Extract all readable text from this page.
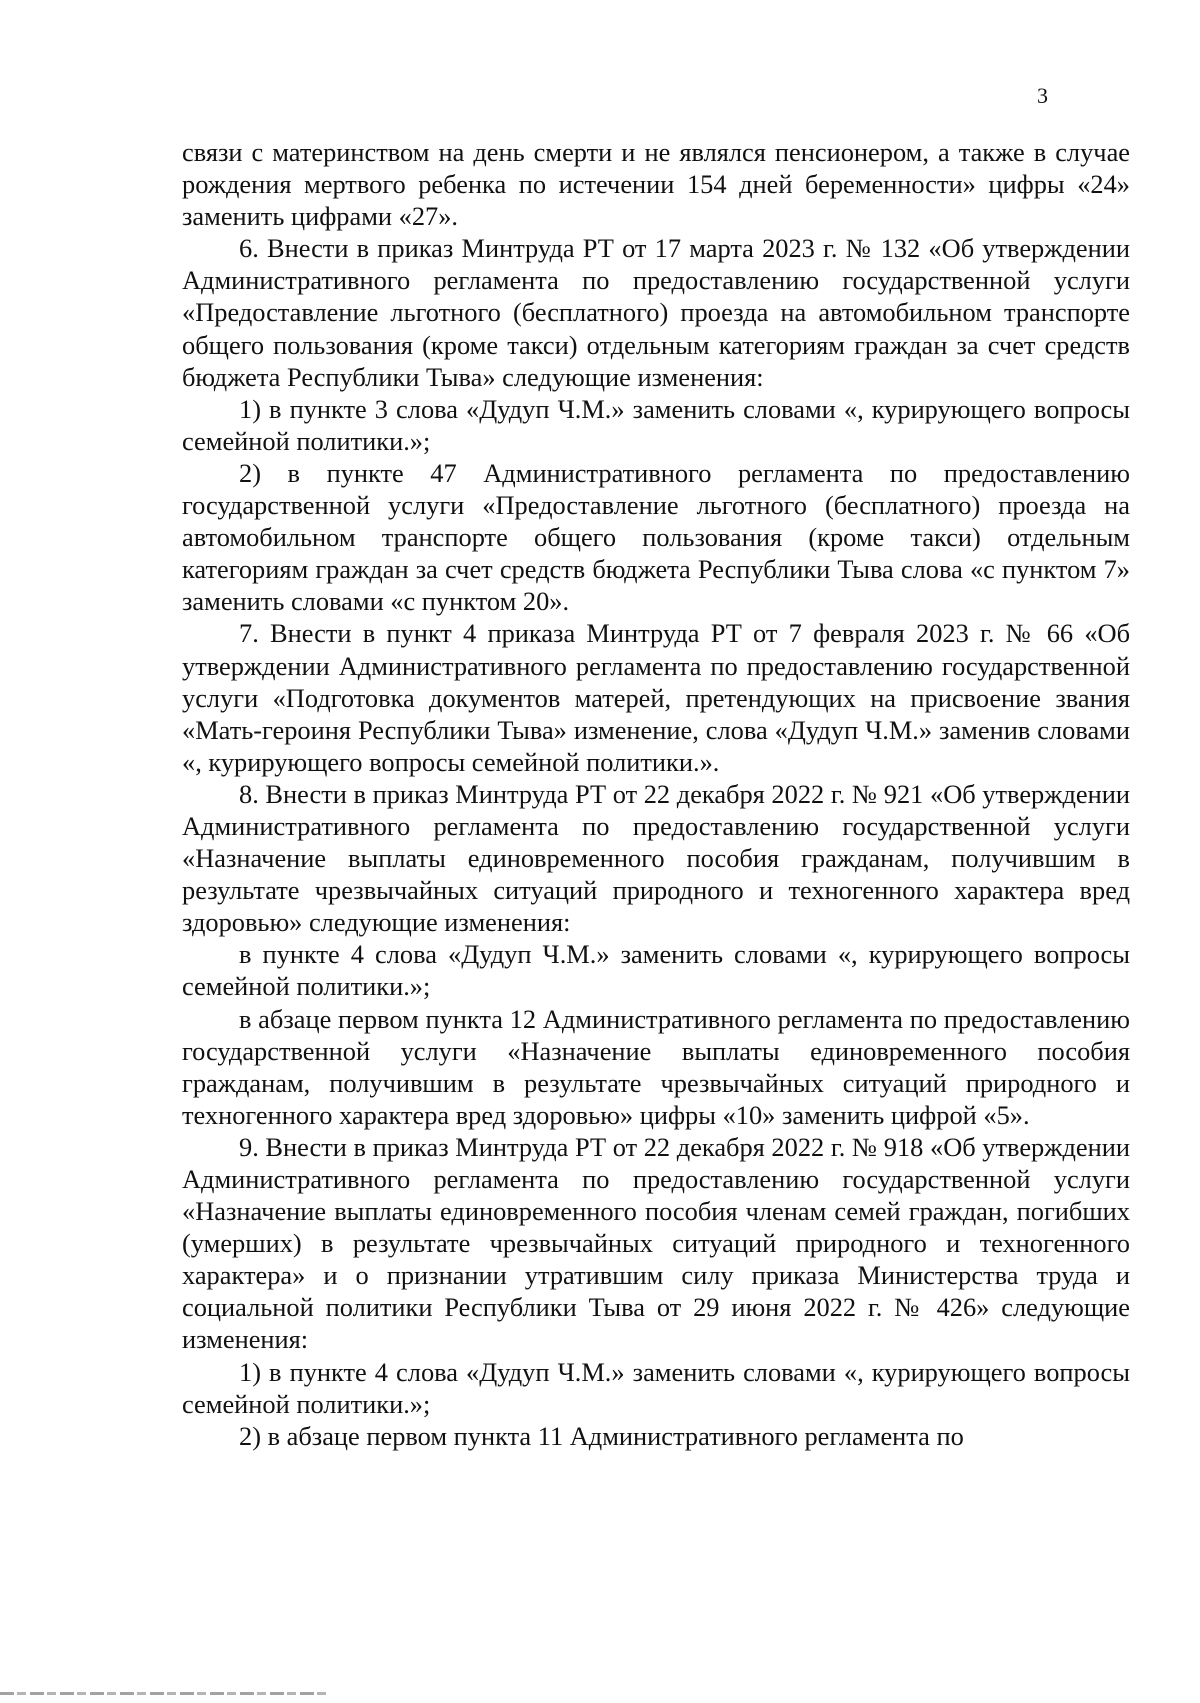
3

связи с материнством на день смерти и не являлся пенсионером, а также в случае рождения мертвого ребенка по истечении 154 дней беременности» цифры «24» заменить цифрами «27».

6. Внести в приказ Минтруда РТ от 17 марта 2023 г. № 132 «Об утверждении Административного регламента по предоставлению государственной услуги «Предоставление льготного (бесплатного) проезда на автомобильном транспорте общего пользования (кроме такси) отдельным категориям граждан за счет средств бюджета Республики Тыва» следующие изменения:

1) в пункте 3 слова «Дудуп Ч.М.» заменить словами «, курирующего вопросы семейной политики.»;

2) в пункте 47 Административного регламента по предоставлению государственной услуги «Предоставление льготного (бесплатного) проезда на автомобильном транспорте общего пользования (кроме такси) отдельным категориям граждан за счет средств бюджета Республики Тыва слова «с пунктом 7» заменить словами «с пунктом 20».

7. Внести в пункт 4 приказа Минтруда РТ от 7 февраля 2023 г. № 66 «Об утверждении Административного регламента по предоставлению государственной услуги «Подготовка документов матерей, претендующих на присвоение звания «Мать-героиня Республики Тыва» изменение, слова «Дудуп Ч.М.» заменив словами «, курирующего вопросы семейной политики.».

8. Внести в приказ Минтруда РТ от 22 декабря 2022 г. № 921 «Об утверждении Административного регламента по предоставлению государственной услуги «Назначение выплаты единовременного пособия гражданам, получившим в результате чрезвычайных ситуаций природного и техногенного характера вред здоровью» следующие изменения:

в пункте 4 слова «Дудуп Ч.М.» заменить словами «, курирующего вопросы семейной политики.»;

в абзаце первом пункта 12 Административного регламента по предоставлению государственной услуги «Назначение выплаты единовременного пособия гражданам, получившим в результате чрезвычайных ситуаций природного и техногенного характера вред здоровью» цифры «10» заменить цифрой «5».

9. Внести в приказ Минтруда РТ от 22 декабря 2022 г. № 918 «Об утверждении Административного регламента по предоставлению государственной услуги «Назначение выплаты единовременного пособия членам семей граждан, погибших (умерших) в результате чрезвычайных ситуаций природного и техногенного характера» и о признании утратившим силу приказа Министерства труда и социальной политики Республики Тыва от 29 июня 2022 г. № 426» следующие изменения:

1) в пункте 4 слова «Дудуп Ч.М.» заменить словами «, курирующего вопросы семейной политики.»;

2) в абзаце первом пункта 11 Административного регламента по
